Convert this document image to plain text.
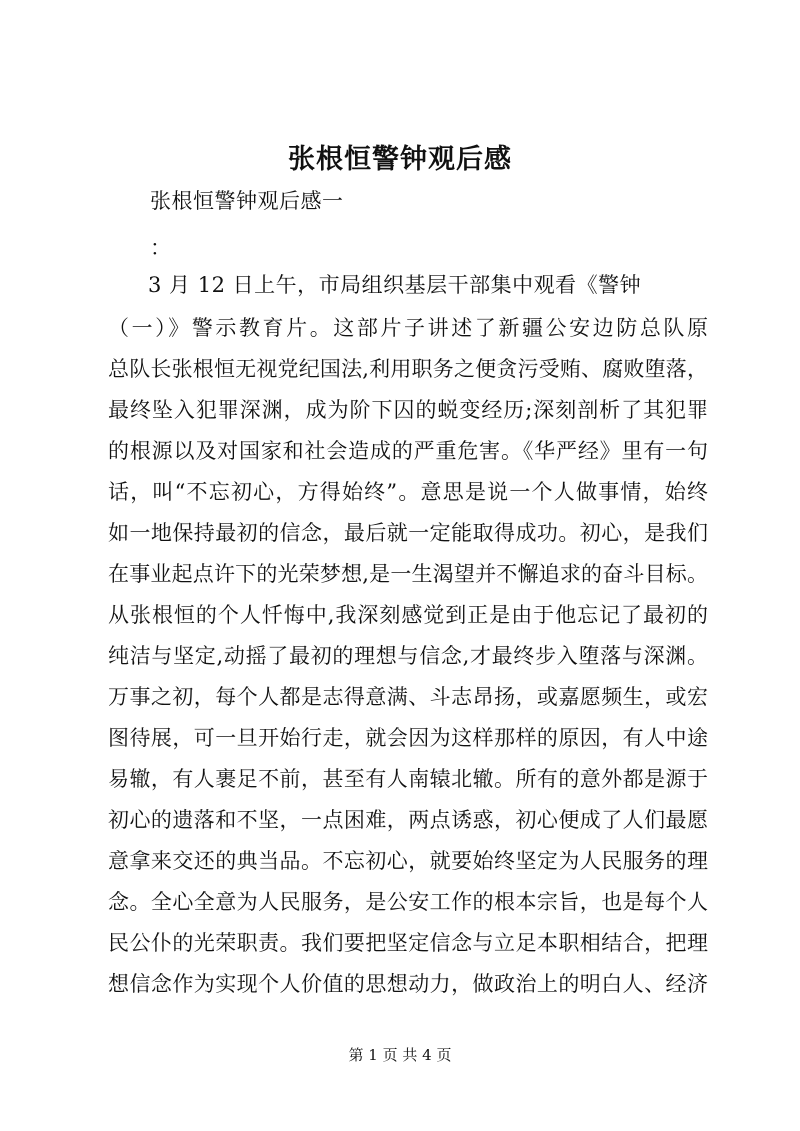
张根恒警钟观后感
张根恒警钟观后感一
：
3 月 12 日上午，市局组织基层干部集中观看《警钟
（一）》警示教育片。这部片子讲述了新疆公安边防总队原
总队长张根恒无视党纪国法,利用职务之便贪污受贿、腐败堕落，
最终坠入犯罪深渊，成为阶下囚的蜕变经历;深刻剖析了其犯罪
的根源以及对国家和社会造成的严重危害。《华严经》里有一句
话，叫“不忘初心，方得始终”。意思是说一个人做事情，始终
如一地保持最初的信念，最后就一定能取得成功。初心，是我们
在事业起点许下的光荣梦想,是一生渴望并不懈追求的奋斗目标。
从张根恒的个人忏悔中,我深刻感觉到正是由于他忘记了最初的
纯洁与坚定,动摇了最初的理想与信念,才最终步入堕落与深渊。
万事之初，每个人都是志得意满、斗志昂扬，或嘉愿频生，或宏
图待展，可一旦开始行走，就会因为这样那样的原因，有人中途
易辙，有人裹足不前，甚至有人南辕北辙。所有的意外都是源于
初心的遗落和不坚，一点困难，两点诱惑，初心便成了人们最愿
意拿来交还的典当品。不忘初心，就要始终坚定为人民服务的理
念。全心全意为人民服务，是公安工作的根本宗旨，也是每个人
民公仆的光荣职责。我们要把坚定信念与立足本职相结合，把理
想信念作为实现个人价值的思想动力，做政治上的明白人、经济
第 1 页 共 4 页
